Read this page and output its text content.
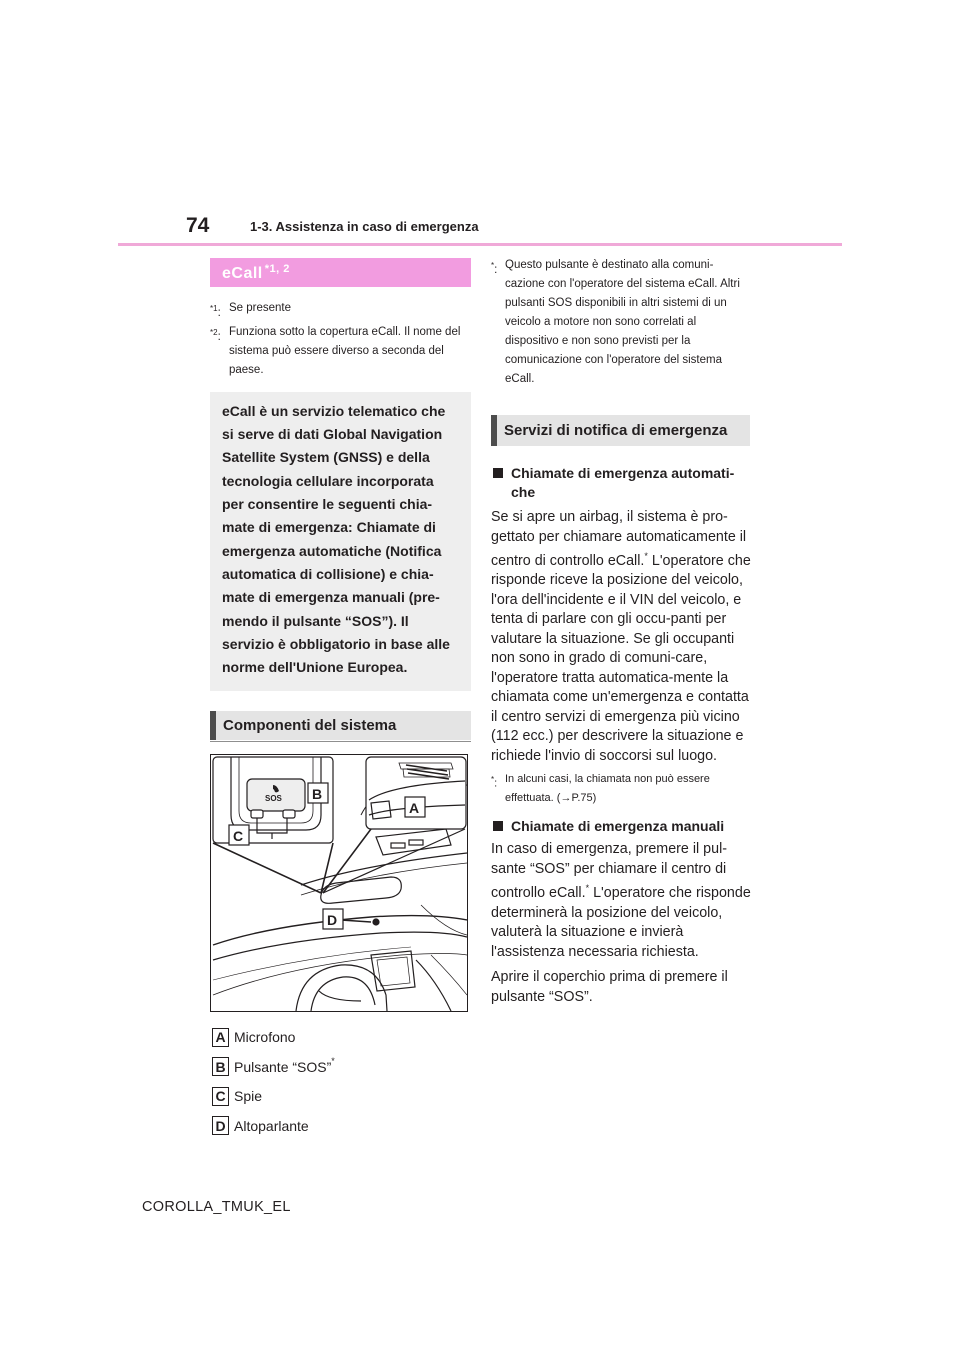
74	1-3. Assistenza in caso di emergenza
eCall $^{*1, 2}$
$^{*1}$: Se presente
$^{*2}$: Funziona sotto la copertura eCall. Il nome del sistema può essere diverso a seconda del paese.
eCall è un servizio telematico che si serve di dati Global Navigation Satellite System (GNSS) e della tecnologia cellulare incorporata per consentire le seguenti chia-mate di emergenza: Chiamate di emergenza automatiche (Notifica automatica di collisione) e chia-mate di emergenza manuali (pre-mendo il pulsante “SOS”). Il servizio è obbligatorio in base alle norme dell'Unione Europea.
Componenti del sistema
SOS B
A
C
D
A Microfono
B Pulsante “SOS”*
C Spie
D Altoparlante
*: Questo pulsante è destinato alla comuni-cazione con l'operatore del sistema eCall. Altri pulsanti SOS disponibili in altri sistemi di un veicolo a motore non sono correlati al dispositivo e non sono previsti per la comunicazione con l'operatore del sistema eCall.
Servizi di notifica di emergenza
Chiamate di emergenza automati-che

Se si apre un airbag, il sistema è pro-gettato per chiamare automaticamente il centro di controllo eCall.* L'operatore che risponde riceve la posizione del veicolo, l'ora dell'incidente e il VIN del veicolo, e tenta di parlare con gli occu-panti per valutare la situazione. Se gli occupanti non sono in grado di comuni-care, l'operatore tratta automatica-mente la chiamata come un'emergenza e contatta il centro servizi di emergenza più vicino (112 ecc.) per descrivere la situazione e richiede l'invio di soccorsi sul luogo.

*: In alcuni casi, la chiamata non può essere effettuata. (→P.75)
Chiamate di emergenza manuali

In caso di emergenza, premere il pul-sante “SOS” per chiamare il centro di controllo eCall.* L'operatore che risponde determinerà la posizione del veicolo, valuterà la situazione e invierà l'assistenza necessaria richiesta.

Aprire il coperchio prima di premere il pulsante “SOS”.

COROLLA_TMUK_EL
